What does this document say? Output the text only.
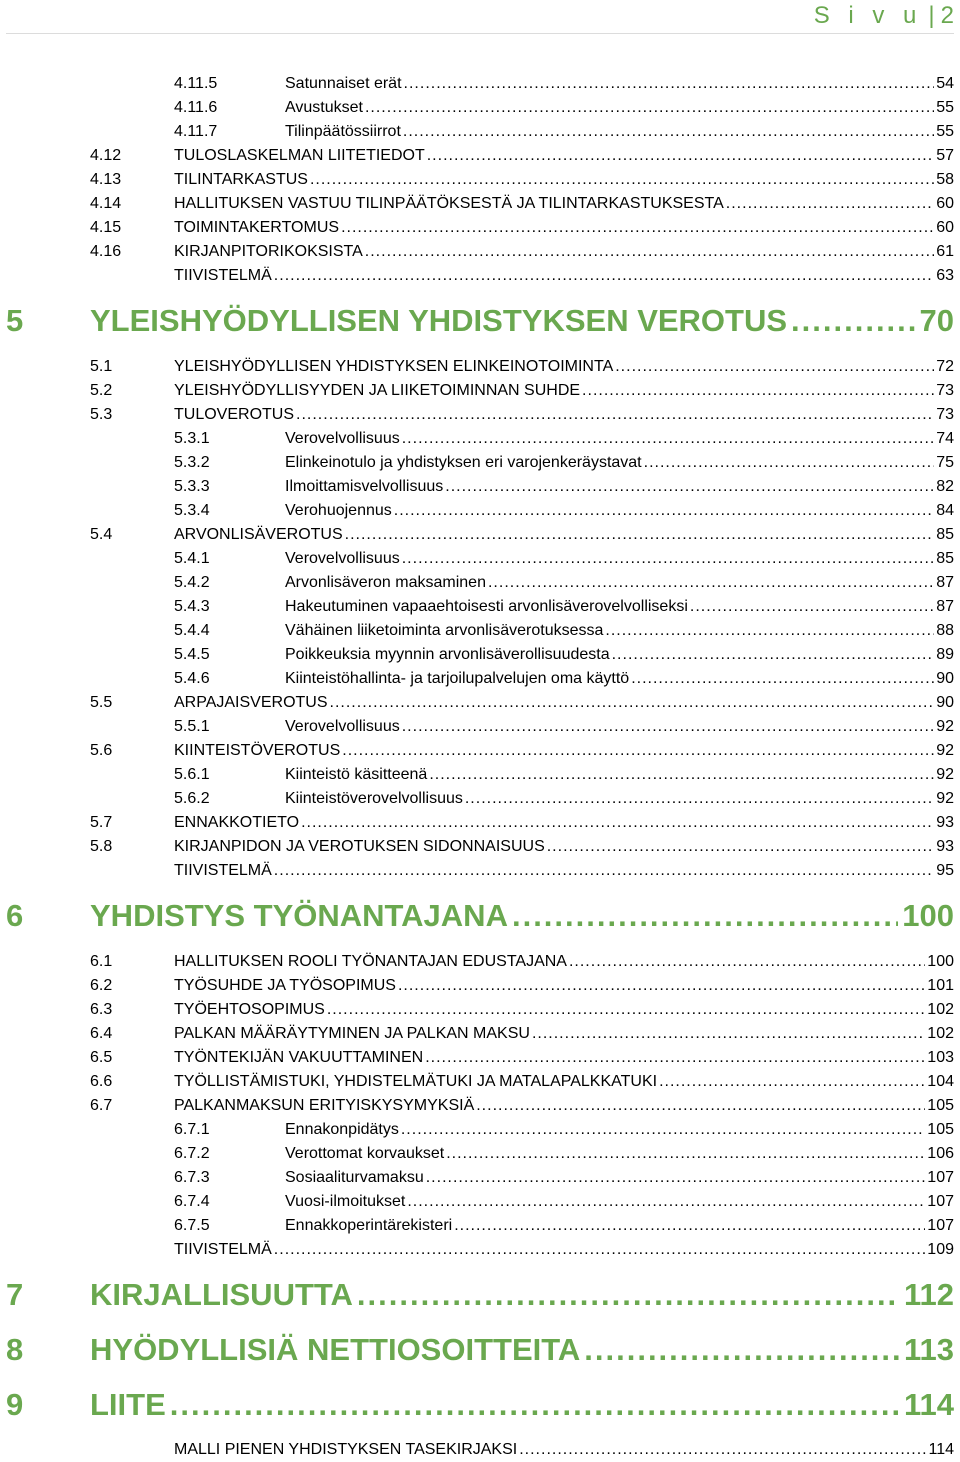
S i v u | 2
4.11.5	Satunnaiset erät .....	54
4.11.6	Avustukset .....	55
4.11.7	Tilinpäätössiirrot .....	55
4.12	TULOSLASKELMAN LIITETIEDOT .....	57
4.13	TILINTARKASTUS .....	58
4.14	HALLITUKSEN VASTUU TILINPÄÄTÖKSESTÄ JA TILINTARKASTUKSESTA .....	60
4.15	TOIMINTAKERTOMUS .....	60
4.16	KIRJANPITORIKOKSISTA .....	61
TIIVISTELMÄ .....	63
5 YLEISHYÖDYLLISEN YHDISTYKSEN VEROTUS .....	70
5.1	YLEISHYÖDYLLISEN YHDISTYKSEN ELINKEINOTOIMINTA .....	72
5.2	YLEISHYÖDYLLISYYDEN JA LIIKETOIMINNAN SUHDE .....	73
5.3	TULOVEROTUS .....	73
5.3.1	Verovelvollisuus .....	74
5.3.2	Elinkeinotulo ja yhdistyksen eri varojenkeräystavat .....	75
5.3.3	Ilmoittamisvelvollisuus .....	82
5.3.4	Verohuojennus .....	84
5.4	ARVONLISÄVEROTUS .....	85
5.4.1	Verovelvollisuus .....	85
5.4.2	Arvonlisäveron maksaminen .....	87
5.4.3	Hakeutuminen vapaaehtoisesti arvonlisäverovelvolliseksi .....	87
5.4.4	Vähäinen liiketoiminta arvonlisäverotuksessa .....	88
5.4.5	Poikkeuksia myynnin arvonlisäverollisuudesta .....	89
5.4.6	Kiinteistöhallinta- ja tarjoilupalvelujen oma käyttö .....	90
5.5	ARPAJAISVEROTUS .....	90
5.5.1	Verovelvollisuus .....	92
5.6	KIINTEISTÖVEROTUS .....	92
5.6.1	Kiinteistö käsitteenä .....	92
5.6.2	Kiinteistöverovelvollisuus .....	92
5.7	ENNAKKOTIETO .....	93
5.8	KIRJANPIDON JA VEROTUKSEN SIDONNAISUUS .....	93
TIIVISTELMÄ .....	95
6 YHDISTYS TYÖNANTAJANA .....	100
6.1	HALLITUKSEN ROOLI TYÖNANTAJAN EDUSTAJANA .....	100
6.2	TYÖSUHDE JA TYÖSOPIMUS .....	101
6.3	TYÖEHTOSOPIMUS .....	102
6.4	PALKAN MÄÄRÄYTYMINEN JA PALKAN MAKSU .....	102
6.5	TYÖNTEKIJÄN VAKUUTTAMINEN .....	103
6.6	TYÖLLISTÄMISTUKI, YHDISTELMÄTUKI JA MATALAPALKKATUKI .....	104
6.7	PALKANMAKSUN ERITYISKYSYMYKSIÄ .....	105
6.7.1	Ennakonpidätys .....	105
6.7.2	Verottomat korvaukset .....	106
6.7.3	Sosiaaliturvamaksu .....	107
6.7.4	Vuosi-ilmoitukset .....	107
6.7.5	Ennakkoperintärekisteri .....	107
TIIVISTELMÄ .....	109
7 KIRJALLISUUTTA .....	112
8 HYÖDYLLISIÄ NETTIOSOITTEITA .....	113
9 LIITE .....	114
MALLI PIENEN YHDISTYKSEN TASEKIRJAKSI .....	114
